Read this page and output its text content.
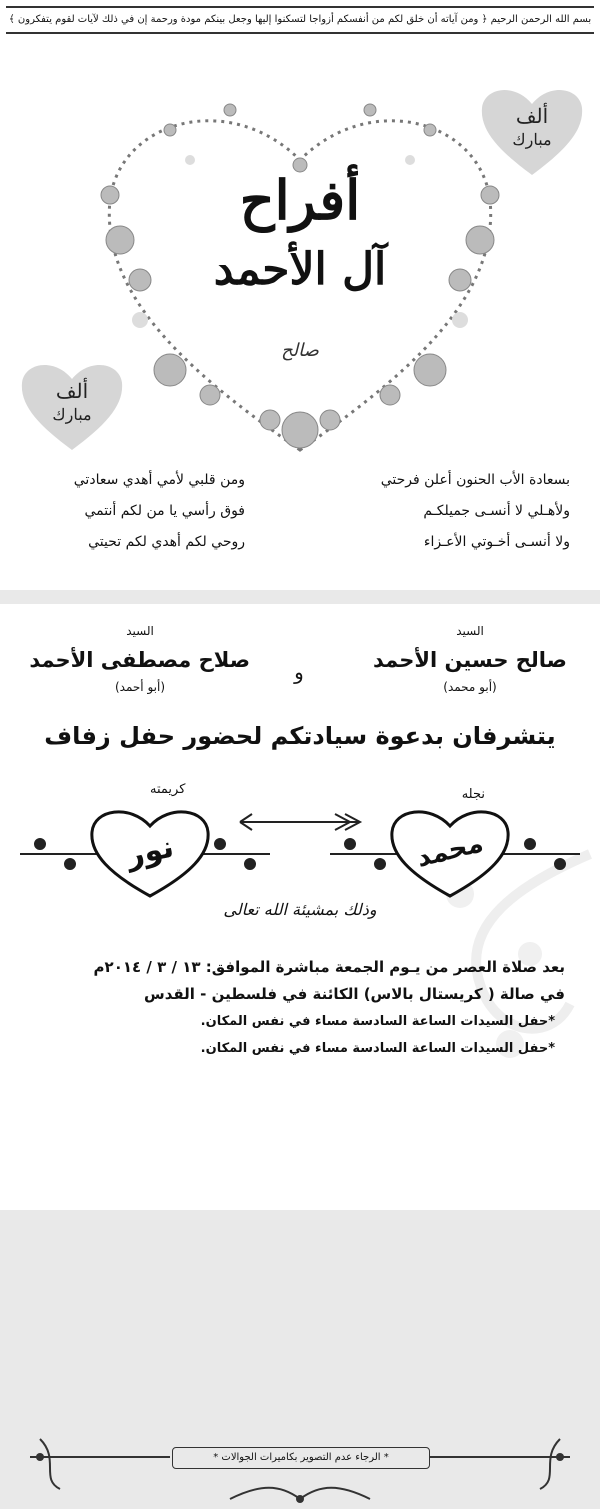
بسم الله الرحمن الرحيم ﴿ ومن آياته أن خلق لكم من أنفسكم أزواجا لتسكنوا إليها وجعل بينكم مودة ورحمة إن في ذلك لآيات لقوم يتفكرون ﴾
ألف
مبارك
ألف
مبارك
أفراح
آل الأحمد
صالح
بسعادة الأب الحنون أعلن فرحتي
ولأهـلي لا أنسـى جميلكـم
ولا أنسـى أخـوتي الأعـزاء
ومن قلبي لأمي أهدي سعادتي
فوق رأسي يا من لكم أنتمي
روحي لكم أهدي لكم تحيتي
السيد
صالح حسين الأحمد
(أبو محمد)
و
السيد
صلاح مصطفى الأحمد
(أبو أحمد)
يتشرفان بدعوة سيادتكم لحضور حفل زفاف
نجله
كريمته
نور	محمد
وذلك بمشيئة الله تعالى
بعد صلاة العصر من يـوم الجمعة مباشرة الموافق: ١٣ / ٣ / ٢٠١٤م
في صالة ( كريستال بالاس) الكائنة في فلسطين - القدس
*حفل السيدات الساعة السادسة مساء في نفس المكان.
*حفل السيدات الساعة السادسة مساء في نفس المكان.
* الرجاء عدم التصوير بكاميرات الجوالات *
